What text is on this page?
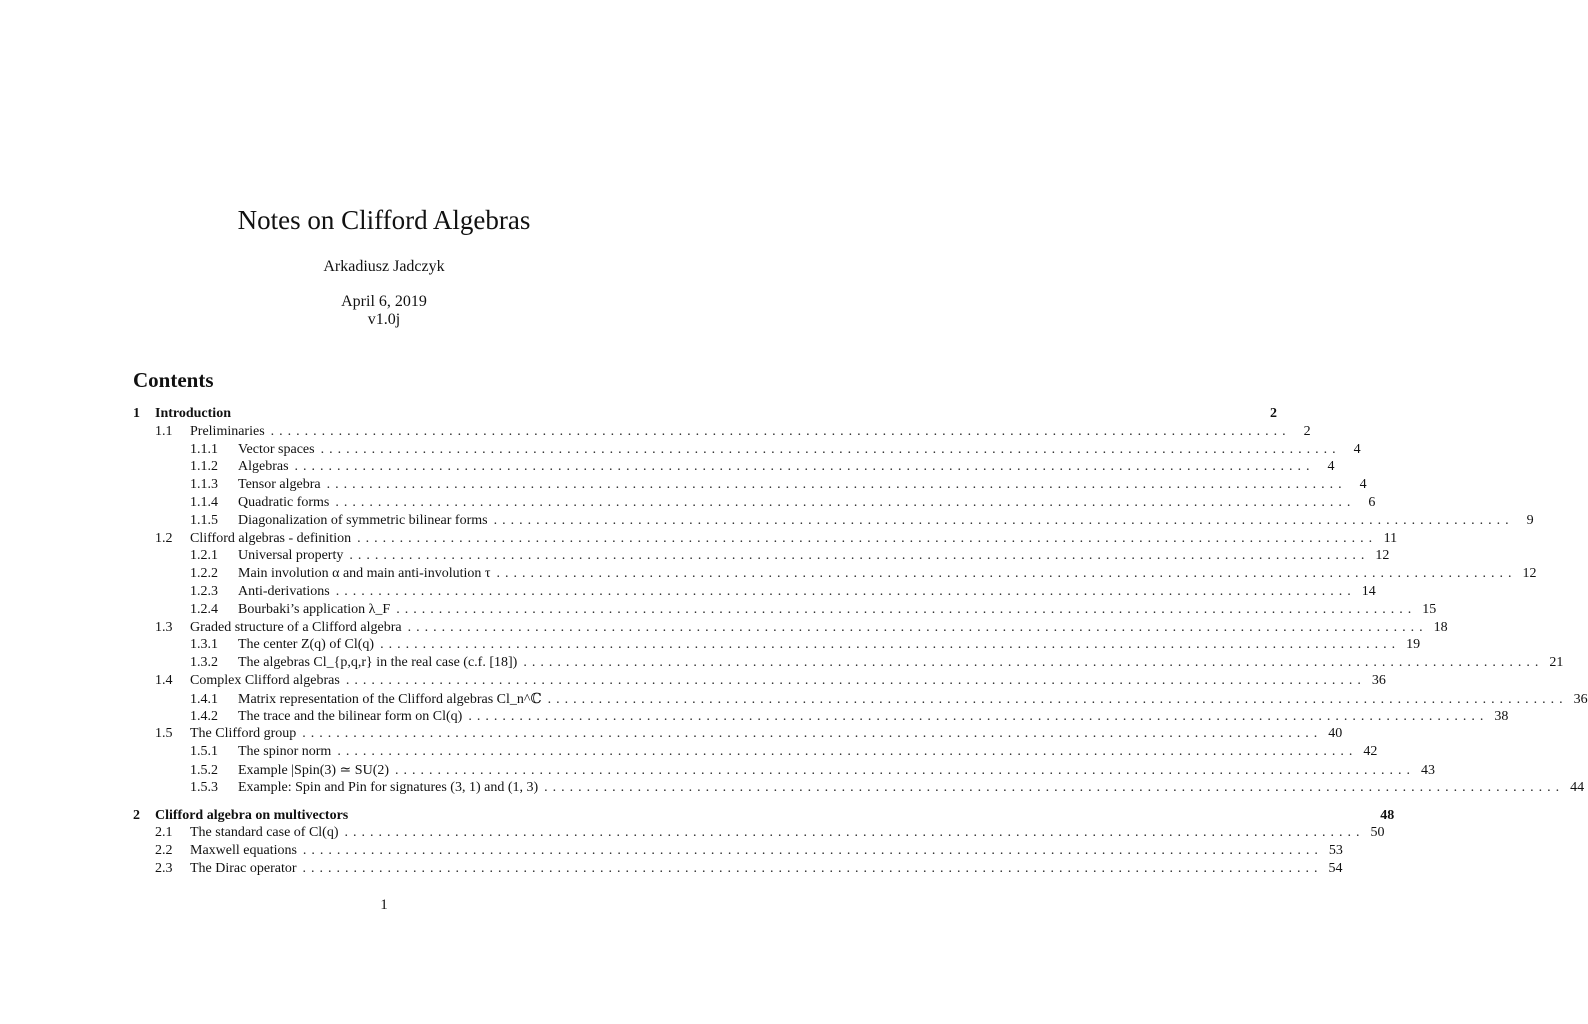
Notes on Clifford Algebras
Arkadiusz Jadczyk
April 6, 2019
v1.0j
Contents
1	Introduction	2
1.1	Preliminaries ........................................................................................................................ 2
1.1.1	Vector spaces ........................................................................................................................ 4
1.1.2	Algebras ........................................................................................................................ 4
1.1.3	Tensor algebra ........................................................................................................................ 4
1.1.4	Quadratic forms ........................................................................................................................ 6
1.1.5	Diagonalization of symmetric bilinear forms ........................................................................................................................ 9
1.2	Clifford algebras - definition ........................................................................................................................ 11
1.2.1	Universal property ........................................................................................................................ 12
1.2.2	Main involution α and main anti-involution τ ........................................................................................................................ 12
1.2.3	Anti-derivations ........................................................................................................................ 14
1.2.4	Bourbaki’s application λ_F ........................................................................................................................ 15
1.3	Graded structure of a Clifford algebra ........................................................................................................................ 18
1.3.1	The center Z(q) of Cl(q) ........................................................................................................................ 19
1.3.2	The algebras Cl_{p,q,r} in the real case (c.f. [18]) ........................................................................................................................ 21
1.4	Complex Clifford algebras ........................................................................................................................ 36
1.4.1	Matrix representation of the Clifford algebras Cl_n^ℂ ........................................................................................................................ 36
1.4.2	The trace and the bilinear form on Cl(q) ........................................................................................................................ 38
1.5	The Clifford group ........................................................................................................................ 40
1.5.1	The spinor norm ........................................................................................................................ 42
1.5.2	Example |Spin(3) ≃ SU(2) ........................................................................................................................ 43
1.5.3	Example: Spin and Pin for signatures (3, 1) and (1, 3) ........................................................................................................................ 44
2	Clifford algebra on multivectors	48
2.1	The standard case of Cl(q) ........................................................................................................................ 50
2.2	Maxwell equations ........................................................................................................................ 53
2.3	The Dirac operator ........................................................................................................................ 54
1
